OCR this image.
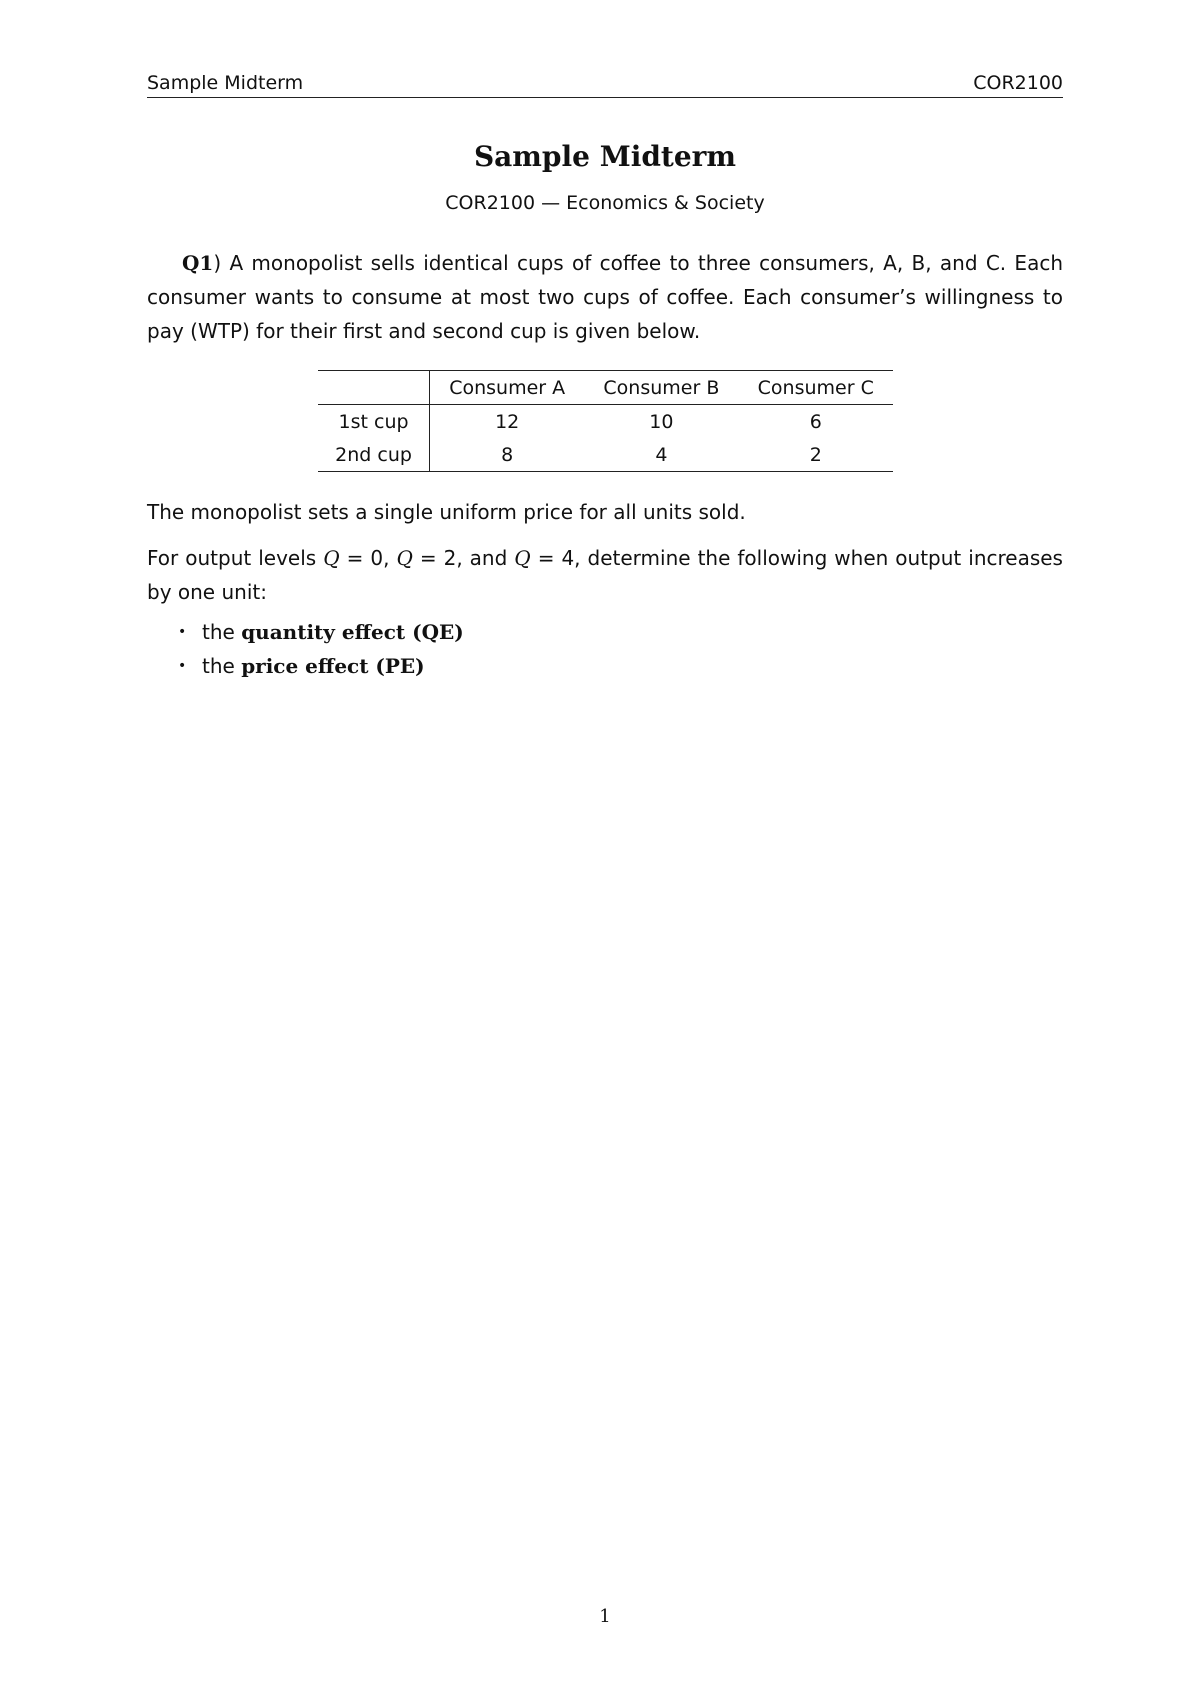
Sample Midterm	COR2100
Sample Midterm
COR2100 — Economics & Society
Q1) A monopolist sells identical cups of coffee to three consumers, A, B, and C. Each consumer wants to consume at most two cups of coffee. Each consumer’s willingness to pay (WTP) for their first and second cup is given below.
	Consumer A	Consumer B	Consumer C
1st cup	12	10	6
2nd cup	8	4	2
The monopolist sets a single uniform price for all units sold.
For output levels Q = 0, Q = 2, and Q = 4, determine the following when output increases by one unit:
• the quantity effect (QE)
• the price effect (PE)
1
